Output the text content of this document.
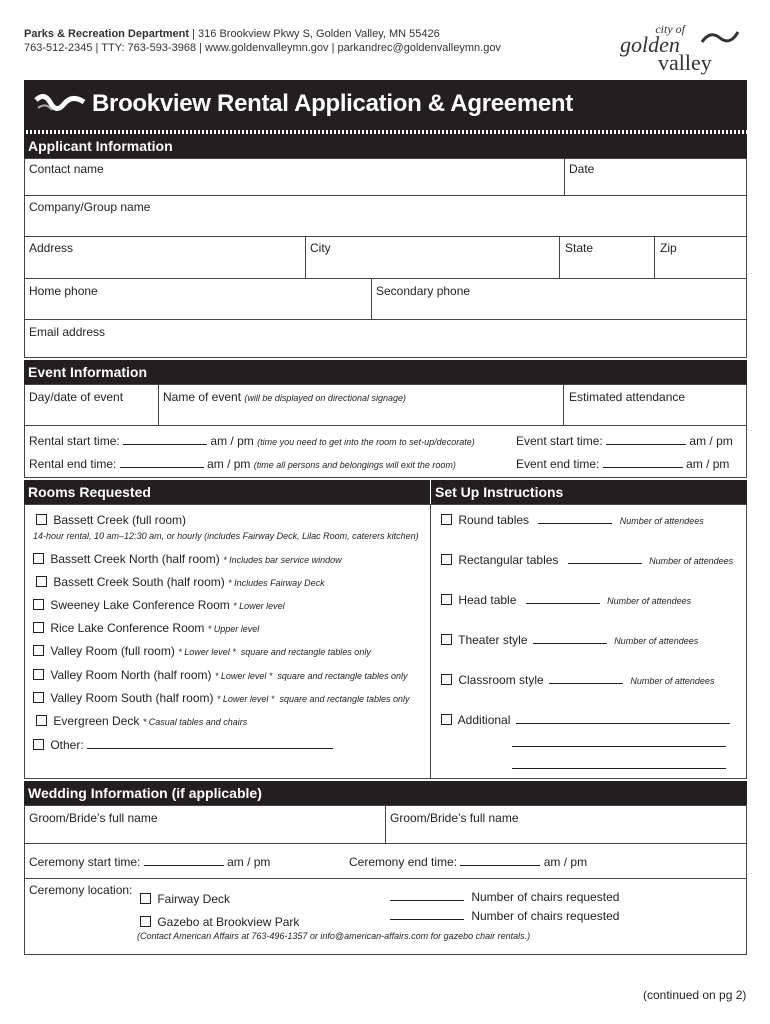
Parks & Recreation Department | 316 Brookview Pkwy S, Golden Valley, MN 55426
763-512-2345 | TTY: 763-593-3968 | www.goldenvalleymn.gov | parkandrec@goldenvalleymn.gov
city of
golden
valley
Brookview Rental Application & Agreement
Applicant Information
Contact name	Date
Company/Group name
Address	City	State	Zip
Home phone	Secondary phone
Email address
Event Information
Day/date of event	Name of event (will be displayed on directional signage)	Estimated attendance
Rental start time:	am / pm (time you need to get into the room to set-up/decorate)	Event start time:	am / pm
Rental end time:	am / pm (time all persons and belongings will exit the room)	Event end time:	am / pm
Rooms Requested	Set Up Instructions
Bassett Creek (full room)
14-hour rental, 10 am–12:30 am, or hourly (includes Fairway Deck, Lilac Room, caterers kitchen)
Bassett Creek North (half room) * Includes bar service window
Bassett Creek South (half room) * Includes Fairway Deck
Sweeney Lake Conference Room * Lower level
Rice Lake Conference Room * Upper level
Valley Room (full room) * Lower level *  square and rectangle tables only
Valley Room North (half room) * Lower level *  square and rectangle tables only
Valley Room South (half room) * Lower level *  square and rectangle tables only
Evergreen Deck * Casual tables and chairs
Other:
Round tables	Number of attendees
Rectangular tables	Number of attendees
Head table	Number of attendees
Theater style	Number of attendees
Classroom style	Number of attendees
Additional
Wedding Information (if applicable)
Groom/Bride’s full name	Groom/Bride’s full name
Ceremony start time:	am / pm	Ceremony end time:	am / pm
Ceremony location:
Fairway Deck
Gazebo at Brookview Park
Number of chairs requested
Number of chairs requested
(Contact American Affairs at 763-496-1357 or info@american-affairs.com for gazebo chair rentals.)
(continued on pg 2)
